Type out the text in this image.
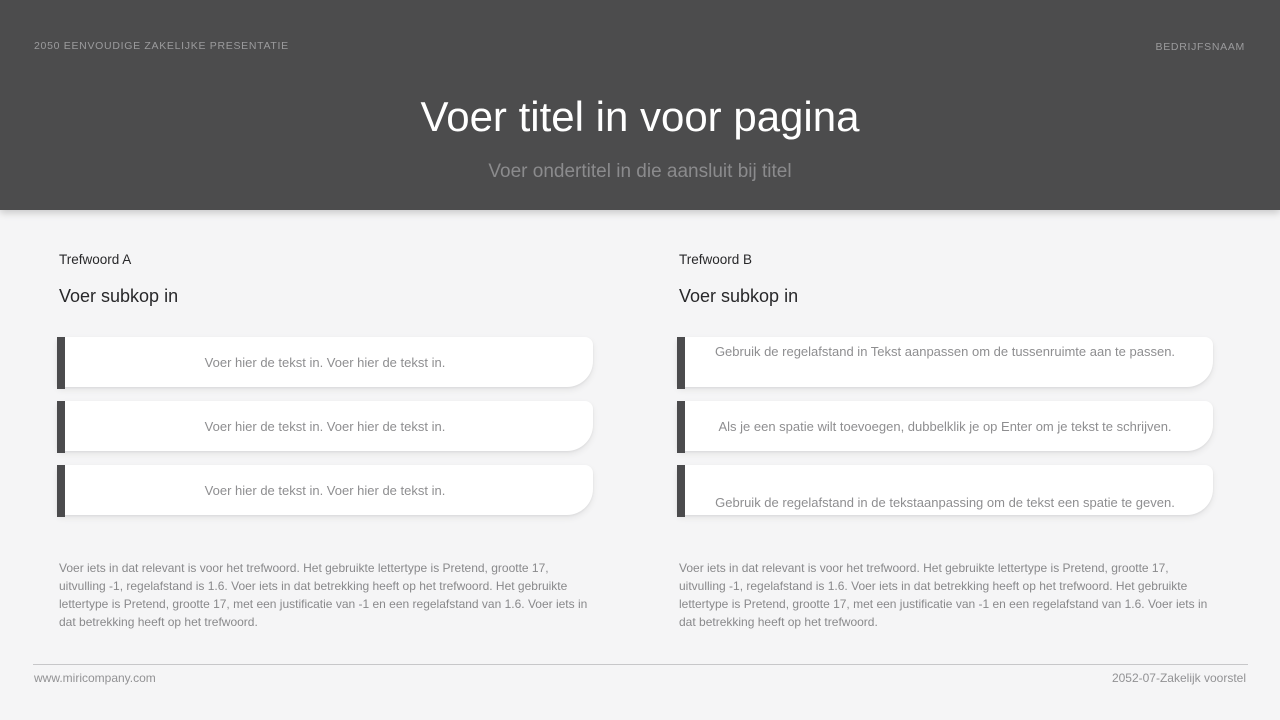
2050 EENVOUDIGE ZAKELIJKE PRESENTATIE	BEDRIJFSNAAM
Voer titel in voor pagina
Voer ondertitel in die aansluit bij titel
Trefwoord A
Voer subkop in
Voer hier de tekst in. Voer hier de tekst in.
Voer hier de tekst in. Voer hier de tekst in.
Voer hier de tekst in. Voer hier de tekst in.
Voer iets in dat relevant is voor het trefwoord. Het gebruikte lettertype is Pretend, grootte 17, uitvulling -1, regelafstand is 1.6. Voer iets in dat betrekking heeft op het trefwoord. Het gebruikte lettertype is Pretend, grootte 17, met een justificatie van -1 en een regelafstand van 1.6. Voer iets in dat betrekking heeft op het trefwoord.
Trefwoord B
Voer subkop in
Gebruik de regelafstand in Tekst aanpassen om de tussenruimte aan te passen.
Als je een spatie wilt toevoegen, dubbelklik je op Enter om je tekst te schrijven.
Gebruik de regelafstand in de tekstaanpassing om de tekst een spatie te geven.
Voer iets in dat relevant is voor het trefwoord. Het gebruikte lettertype is Pretend, grootte 17, uitvulling -1, regelafstand is 1.6. Voer iets in dat betrekking heeft op het trefwoord. Het gebruikte lettertype is Pretend, grootte 17, met een justificatie van -1 en een regelafstand van 1.6. Voer iets in dat betrekking heeft op het trefwoord.
www.miricompany.com	2052-07-Zakelijk voorstel
